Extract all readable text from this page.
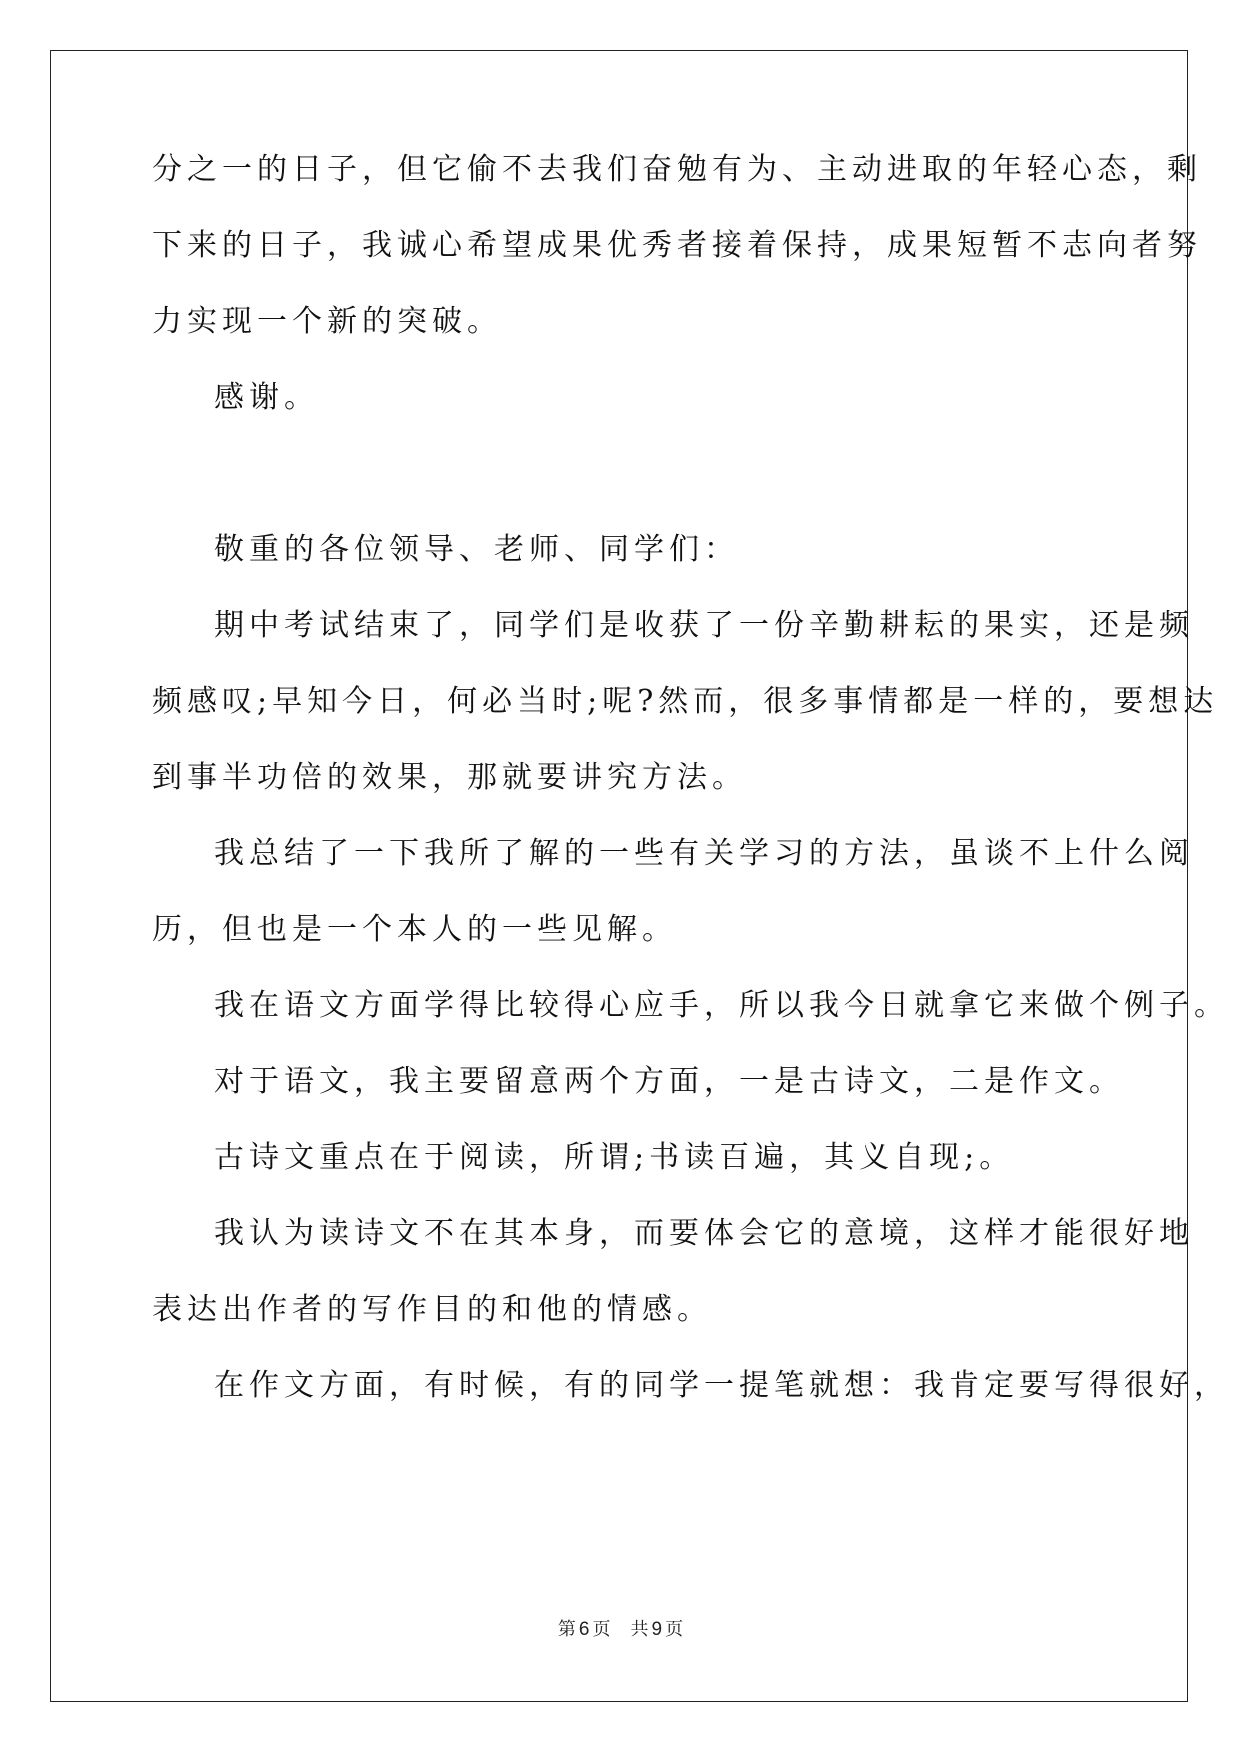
分之一的日子，但它偷不去我们奋勉有为、主动进取的年轻心态，剩
下来的日子，我诚心希望成果优秀者接着保持，成果短暂不志向者努
力实现一个新的突破。
感谢。
敬重的各位领导、老师、同学们：
期中考试结束了，同学们是收获了一份辛勤耕耘的果实，还是频
频感叹;早知今日，何必当时;呢?然而，很多事情都是一样的，要想达
到事半功倍的效果，那就要讲究方法。
我总结了一下我所了解的一些有关学习的方法，虽谈不上什么阅
历，但也是一个本人的一些见解。
我在语文方面学得比较得心应手，所以我今日就拿它来做个例子。
对于语文，我主要留意两个方面，一是古诗文，二是作文。
古诗文重点在于阅读，所谓;书读百遍，其义自现;。
我认为读诗文不在其本身，而要体会它的意境，这样才能很好地
表达出作者的写作目的和他的情感。
在作文方面，有时候，有的同学一提笔就想：我肯定要写得很好，
第 6 页 共 9 页
